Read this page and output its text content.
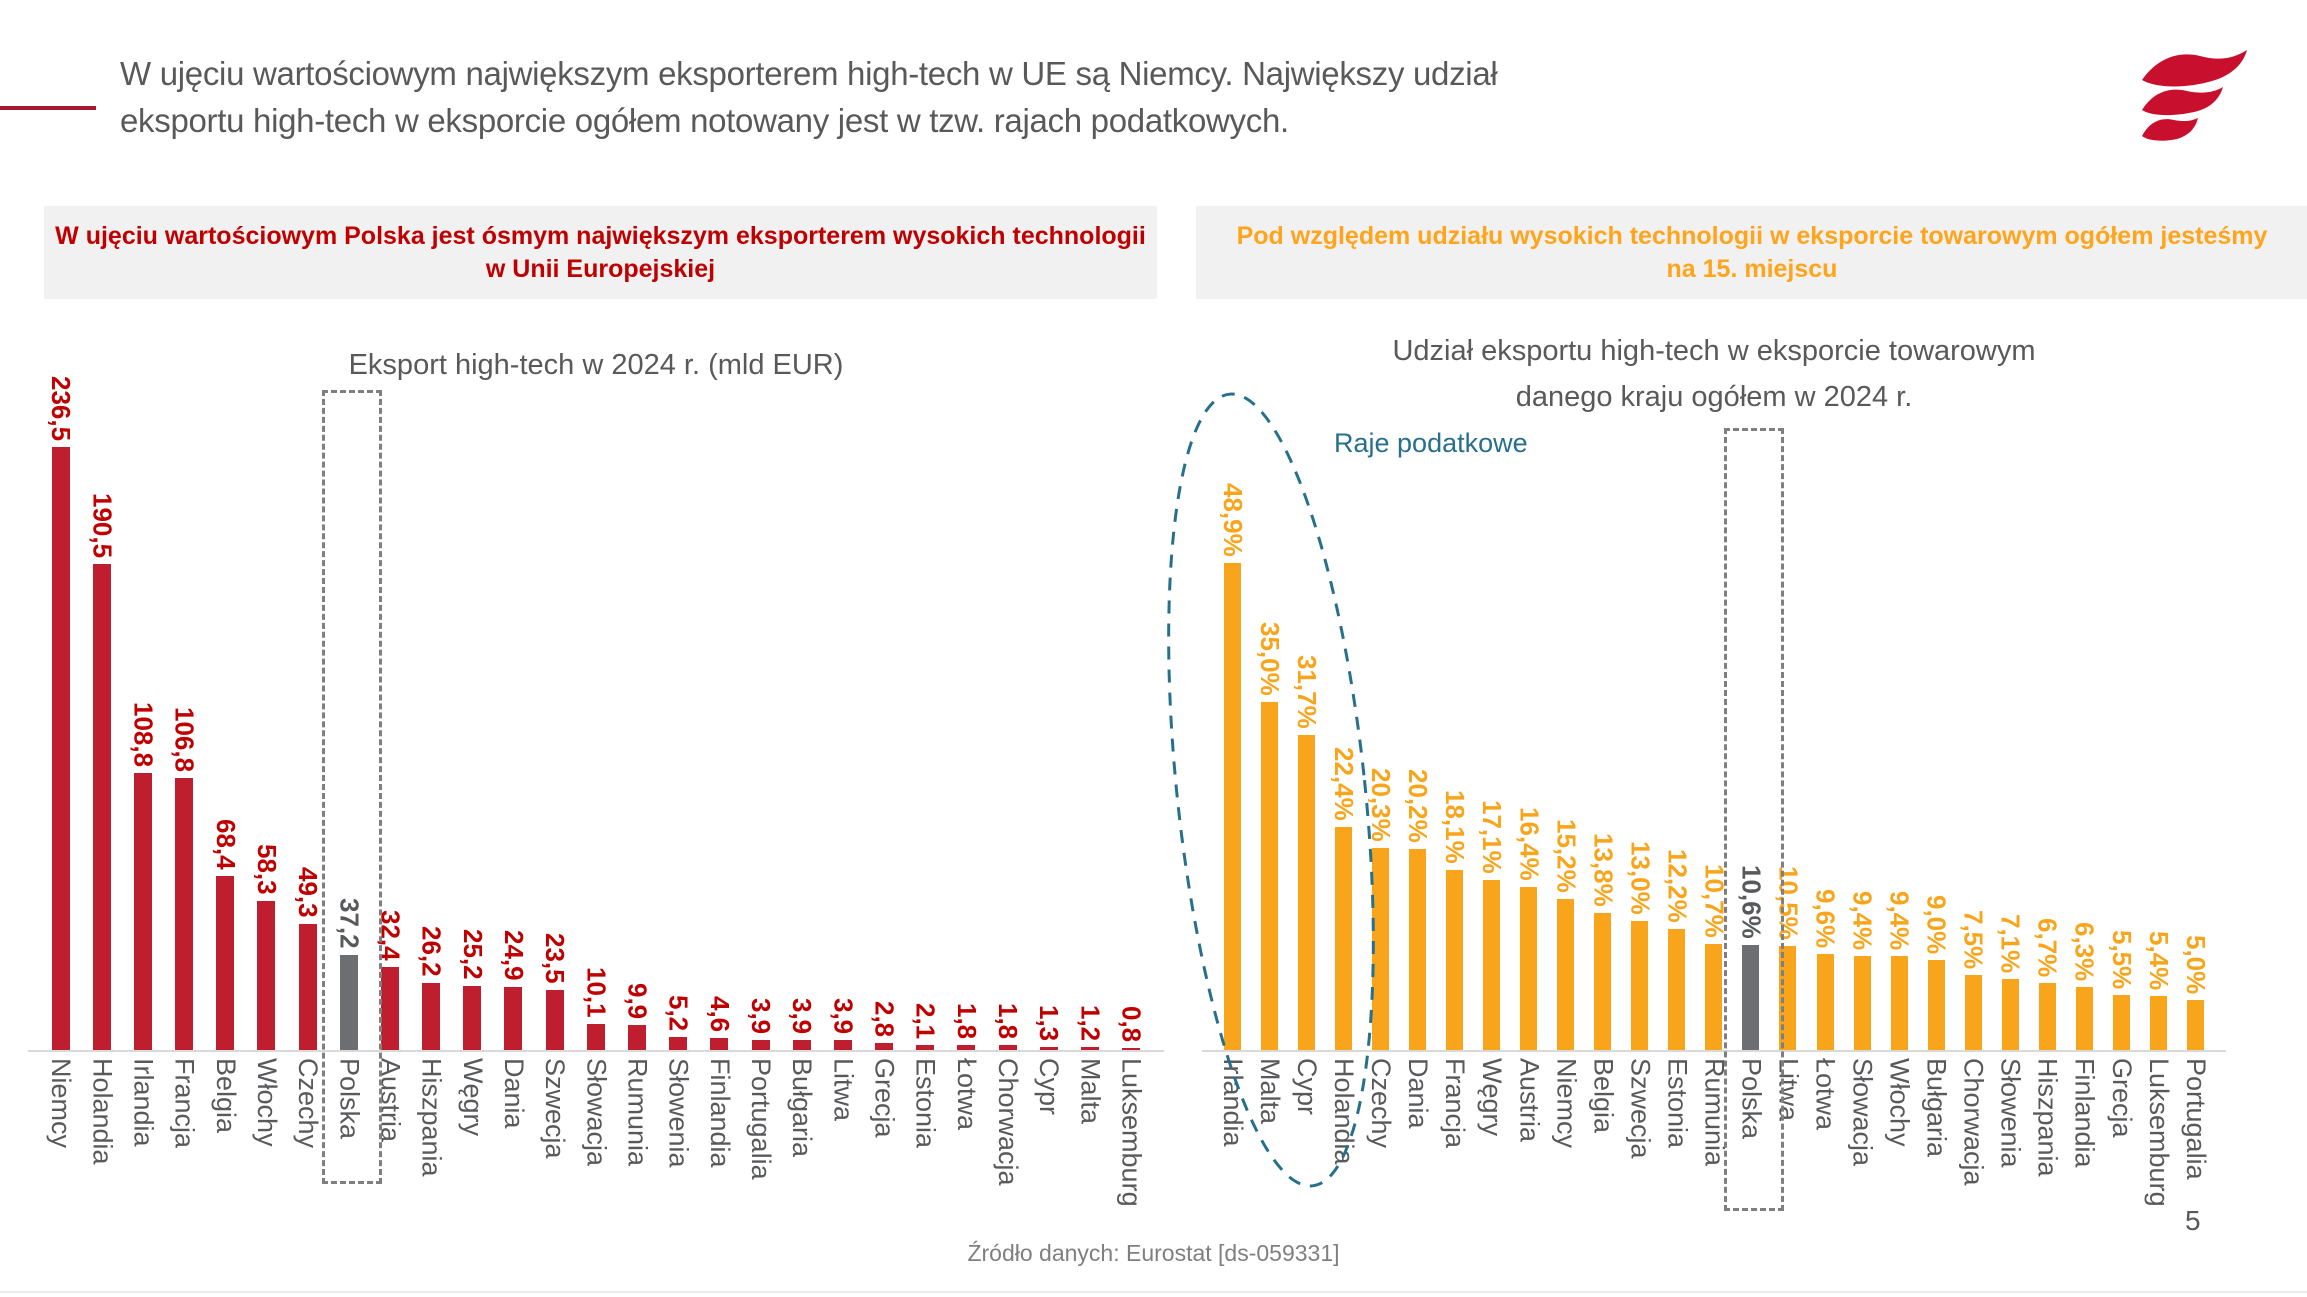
W ujęciu wartościowym największym eksporterem high-tech w UE są Niemcy. Największy udział
eksportu high-tech w eksporcie ogółem notowany jest w tzw. rajach podatkowych.
W ujęciu wartościowym Polska jest ósmym największym eksporterem wysokich technologii
w Unii Europejskiej
Pod względem udziału wysokich technologii w eksporcie towarowym ogółem jesteśmy
na 15. miejscu
Eksport high-tech w 2024 r. (mld EUR)	Udział eksportu high-tech w eksporcie towarowym
danego kraju ogółem w 2024 r.
236,5
190,5
108,8 106,8
68,4 58,3 49,3
37,2 32,4 26,2 25,2 24,9 23,5
10,1 9,9 5,2 4,6 3,9 3,9 3,9 2,8 2,1 1,8 1,8 1,3 1,2 0,8
Niemcy Holandia Irlandia Francja Belgia Włochy Czechy Polska Austria Hiszpania Węgry Dania Szwecja Słowacja Rumunia Słowenia Finlandia Portugalia Bułgaria Litwa Grecja Estonia Łotwa Chorwacja Cypr Malta Luksemburg
48,9%
35,0% 31,7%
22,4% 20,3% 20,2% 18,1% 17,1% 16,4% 15,2% 13,8% 13,0% 12,2% 10,7% 10,6% 10,5% 9,6% 9,4% 9,4% 9,0% 7,5% 7,1% 6,7% 6,3% 5,5% 5,4% 5,0%
Irlandia Malta Cypr Holandia Czechy Dania Francja Węgry Austria Niemcy Belgia Szwecja Estonia Rumunia Polska Litwa Łotwa Słowacja Włochy Bułgaria Chorwacja Słowenia Hiszpania Finlandia Grecja Luksemburg Portugalia
Raje podatkowe
Źródło danych: Eurostat [ds-059331]
5
